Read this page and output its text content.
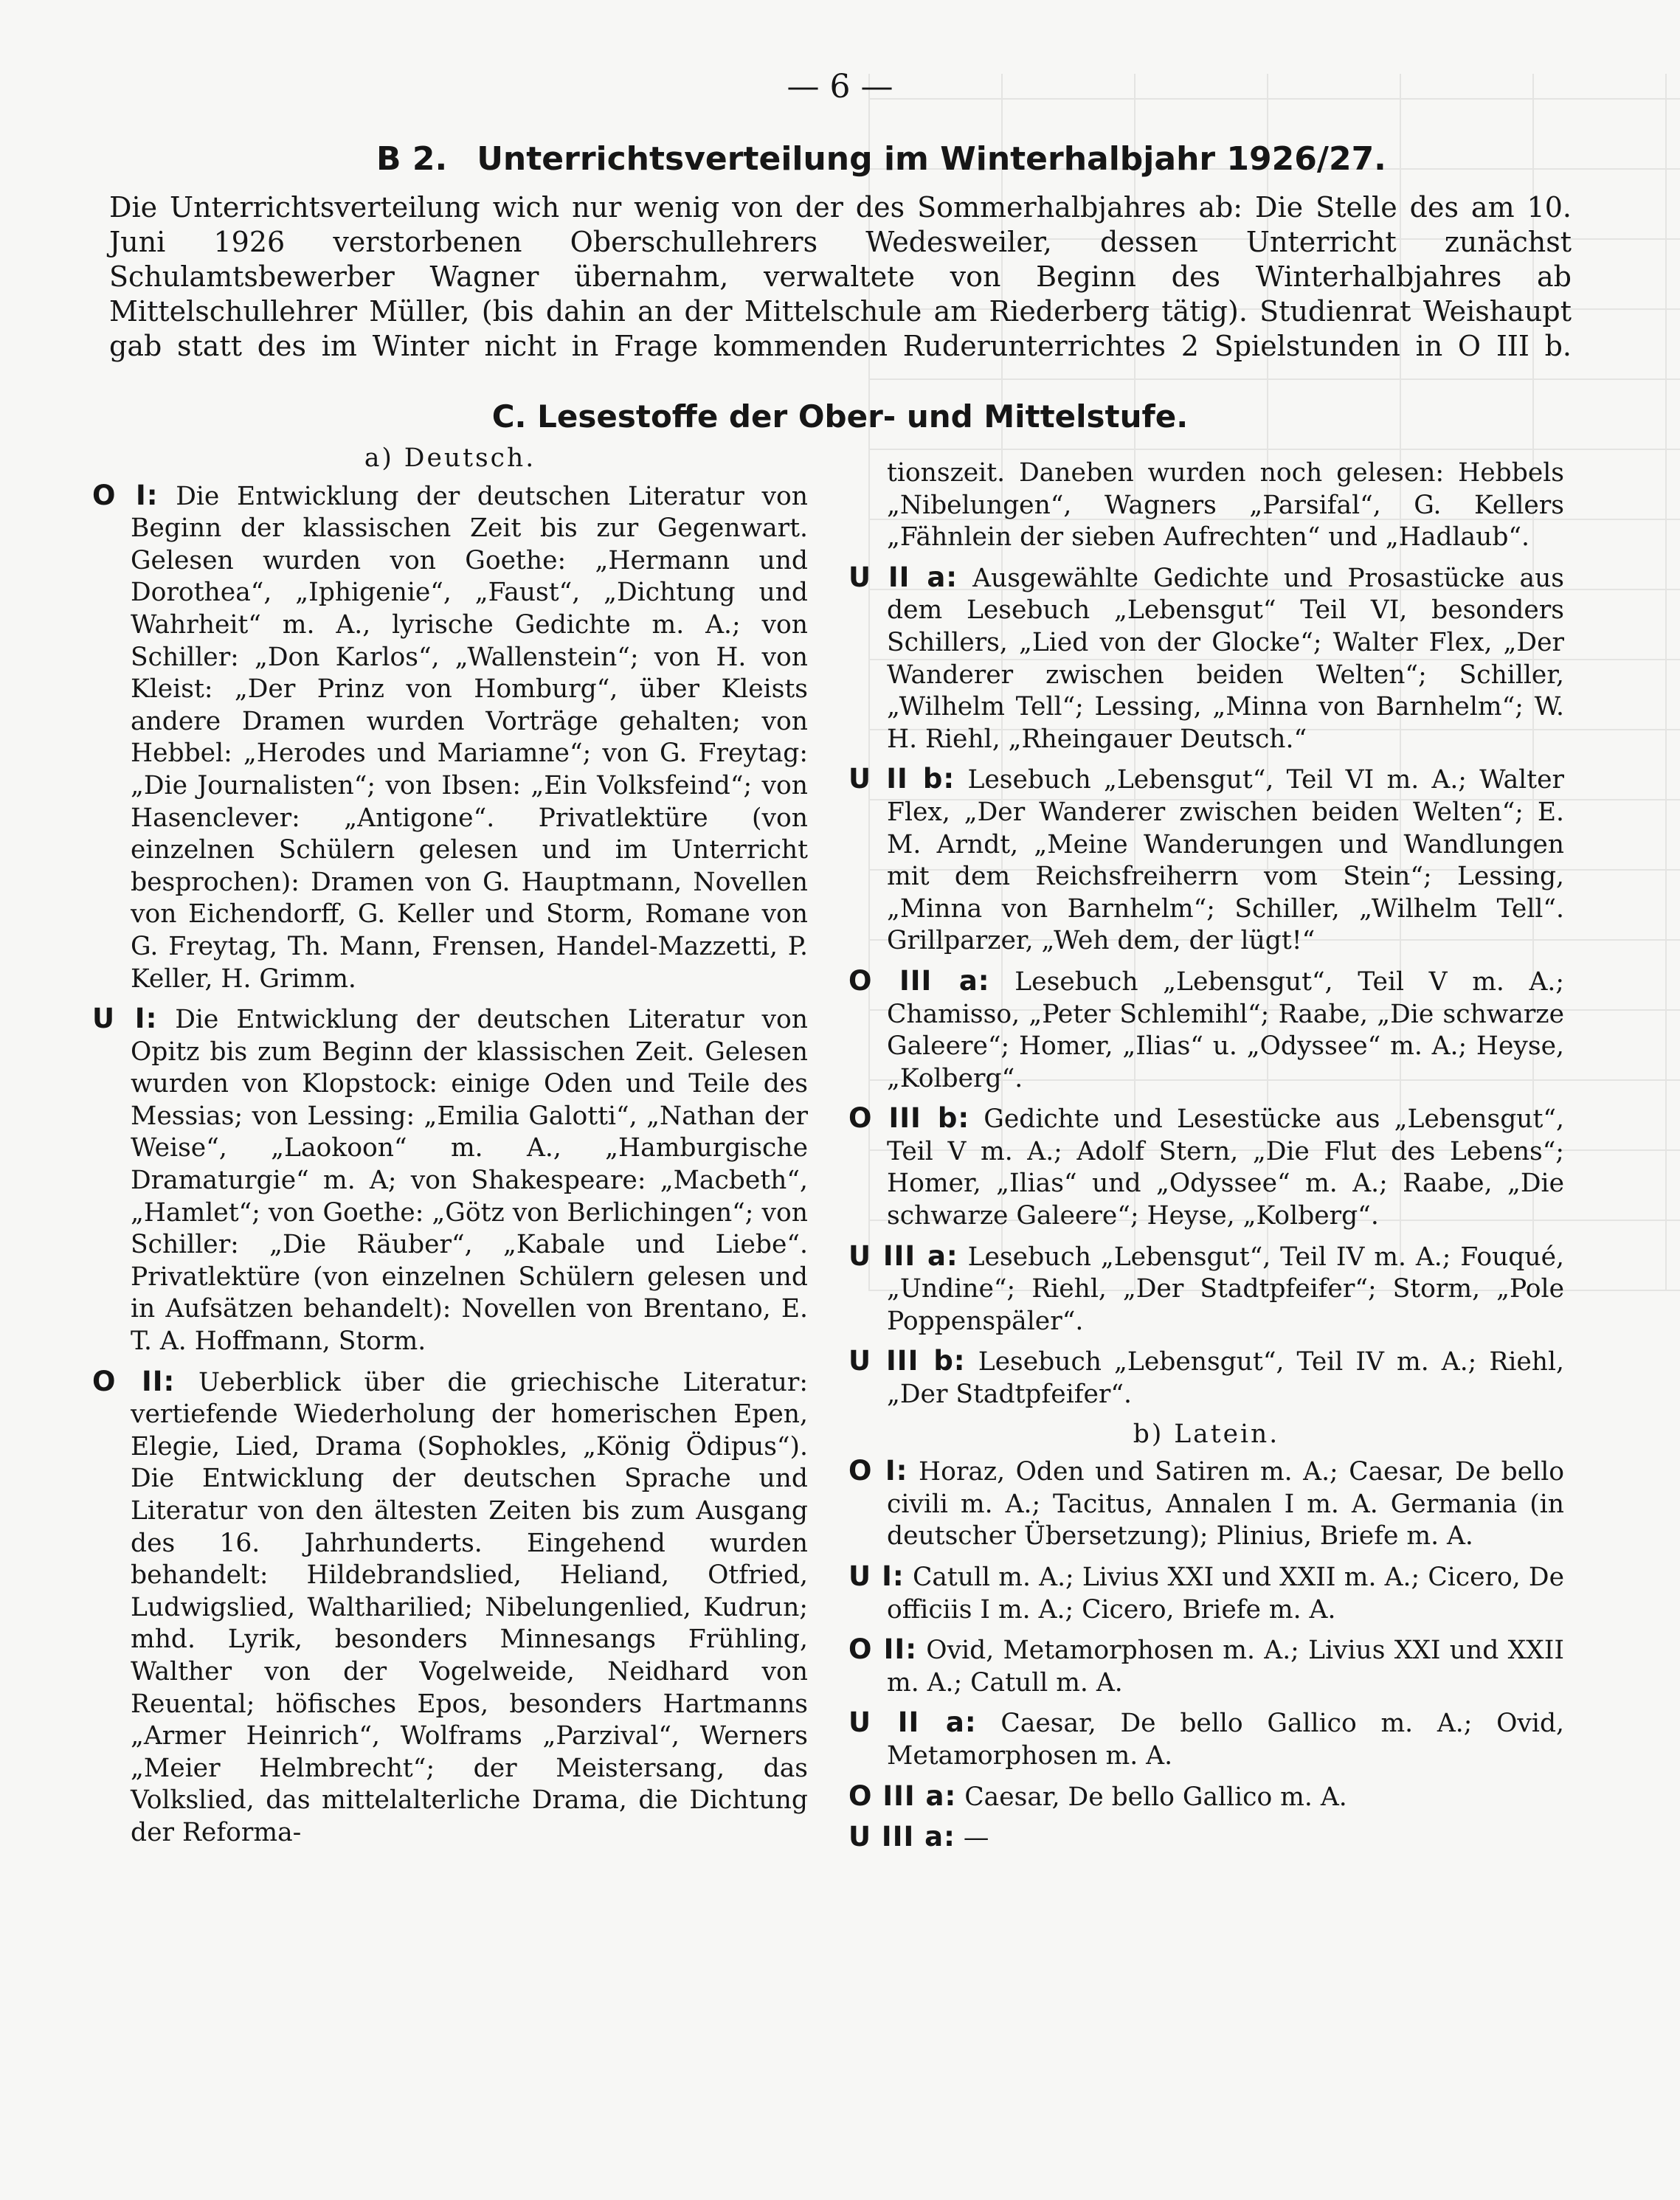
— 6 —
B 2. Unterrichtsverteilung im Winterhalbjahr 1926/27.

Die Unterrichtsverteilung wich nur wenig von der des Sommerhalbjahres ab: Die Stelle des am 10. Juni 1926 verstorbenen Oberschullehrers Wedesweiler, dessen Unterricht zunächst Schulamtsbewerber Wagner übernahm, verwaltete von Beginn des Winterhalbjahres ab Mittelschullehrer Müller, (bis dahin an der Mittelschule am Riederberg tätig). Studienrat Weishaupt gab statt des im Winter nicht in Frage kommenden Ruderunterrichtes 2 Spielstunden in O III b.

C. Lesestoffe der Ober- und Mittelstufe.
a) Deutsch.

O I: Die Entwicklung der deutschen Literatur von Beginn der klassischen Zeit bis zur Gegenwart. Gelesen wurden von Goethe: „Hermann und Dorothea“, „Iphigenie“, „Faust“, „Dichtung und Wahrheit“ m. A., lyrische Gedichte m. A.; von Schiller: „Don Karlos“, „Wallenstein“; von H. von Kleist: „Der Prinz von Homburg“, über Kleists andere Dramen wurden Vorträge gehalten; von Hebbel: „Herodes und Mariamne“; von G. Freytag: „Die Journalisten“; von Ibsen: „Ein Volksfeind“; von Hasenclever: „Antigone“. Privatlektüre (von einzelnen Schülern gelesen und im Unterricht besprochen): Dramen von G. Hauptmann, Novellen von Eichendorff, G. Keller und Storm, Romane von G. Freytag, Th. Mann, Frensen, Handel-Mazzetti, P. Keller, H. Grimm.

U I: Die Entwicklung der deutschen Literatur von Opitz bis zum Beginn der klassischen Zeit. Gelesen wurden von Klopstock: einige Oden und Teile des Messias; von Lessing: „Emilia Galotti“, „Nathan der Weise“, „Laokoon“ m. A., „Hamburgische Dramaturgie“ m. A; von Shakespeare: „Macbeth“, „Hamlet“; von Goethe: „Götz von Berlichingen“; von Schiller: „Die Räuber“, „Kabale und Liebe“. Privatlektüre (von einzelnen Schülern gelesen und in Aufsätzen behandelt): Novellen von Brentano, E. T. A. Hoffmann, Storm.

O II: Ueberblick über die griechische Literatur: vertiefende Wiederholung der homerischen Epen, Elegie, Lied, Drama (Sophokles, „König Ödipus“). Die Entwicklung der deutschen Sprache und Literatur von den ältesten Zeiten bis zum Ausgang des 16. Jahrhunderts. Eingehend wurden behandelt: Hildebrandslied, Heliand, Otfried, Ludwigslied, Waltharilied; Nibelungenlied, Kudrun; mhd. Lyrik, besonders Minnesangs Frühling, Walther von der Vogelweide, Neidhard von Reuental; höfisches Epos, besonders Hartmanns „Armer Heinrich“, Wolframs „Parzival“, Werners „Meier Helmbrecht“; der Meistersang, das Volkslied, das mittelalterliche Drama, die Dichtung der Reforma-

tionszeit. Daneben wurden noch gelesen: Hebbels „Nibelungen“, Wagners „Parsifal“, G. Kellers „Fähnlein der sieben Aufrechten“ und „Hadlaub“.

U II a: Ausgewählte Gedichte und Prosastücke aus dem Lesebuch „Lebensgut“ Teil VI, besonders Schillers, „Lied von der Glocke“; Walter Flex, „Der Wanderer zwischen beiden Welten“; Schiller, „Wilhelm Tell“; Lessing, „Minna von Barnhelm“; W. H. Riehl, „Rheingauer Deutsch.“

U II b: Lesebuch „Lebensgut“, Teil VI m. A.; Walter Flex, „Der Wanderer zwischen beiden Welten“; E. M. Arndt, „Meine Wanderungen und Wandlungen mit dem Reichsfreiherrn vom Stein“; Lessing, „Minna von Barnhelm“; Schiller, „Wilhelm Tell“. Grillparzer, „Weh dem, der lügt!“

O III a: Lesebuch „Lebensgut“, Teil V m. A.; Chamisso, „Peter Schlemihl“; Raabe, „Die schwarze Galeere“; Homer, „Ilias“ u. „Odyssee“ m. A.; Heyse, „Kolberg“.

O III b: Gedichte und Lesestücke aus „Lebensgut“, Teil V m. A.; Adolf Stern, „Die Flut des Lebens“; Homer, „Ilias“ und „Odyssee“ m. A.; Raabe, „Die schwarze Galeere“; Heyse, „Kolberg“.

U III a: Lesebuch „Lebensgut“, Teil IV m. A.; Fouqué, „Undine“; Riehl, „Der Stadtpfeifer“; Storm, „Pole Poppenspäler“.

U III b: Lesebuch „Lebensgut“, Teil IV m. A.; Riehl, „Der Stadtpfeifer“.

b) Latein.

O I: Horaz, Oden und Satiren m. A.; Caesar, De bello civili m. A.; Tacitus, Annalen I m. A. Germania (in deutscher Übersetzung); Plinius, Briefe m. A.

U I: Catull m. A.; Livius XXI und XXII m. A.; Cicero, De officiis I m. A.; Cicero, Briefe m. A.

O II: Ovid, Metamorphosen m. A.; Livius XXI und XXII m. A.; Catull m. A.

U II a: Caesar, De bello Gallico m. A.; Ovid, Metamorphosen m. A.

O III a: Caesar, De bello Gallico m. A.

U III a: —
